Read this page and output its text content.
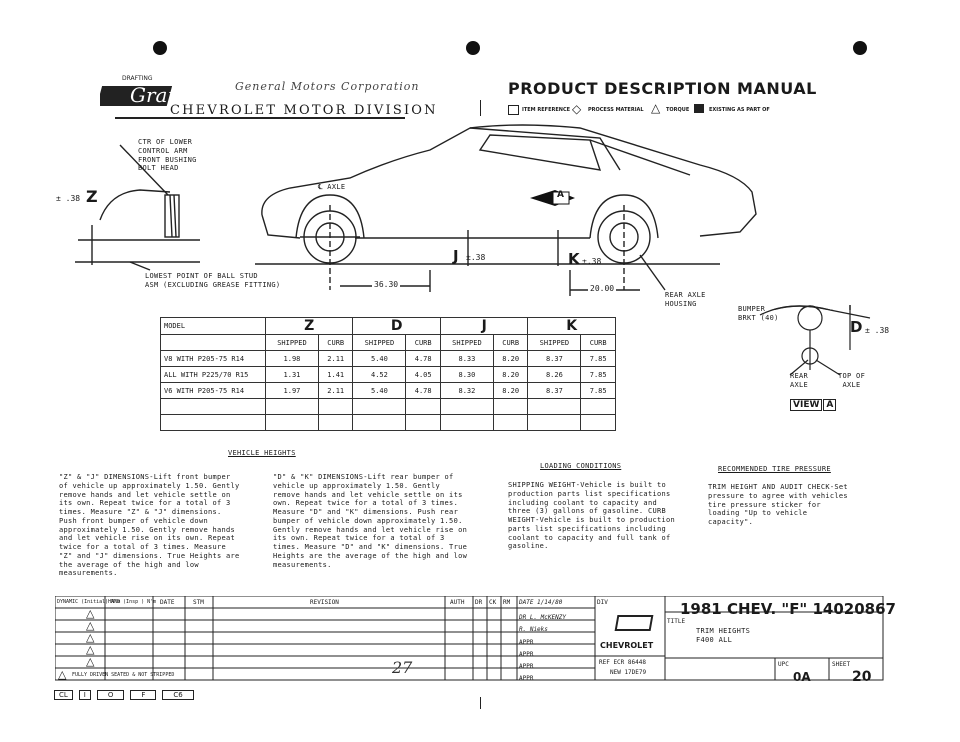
Graphic
DRAFTING
General Motors Corporation
CHEVROLET MOTOR DIVISION
PRODUCT DESCRIPTION MANUAL
ITEM REFERENCE ◇ PROCESS MATERIAL △ TORQUE	EXISTING AS PART OF
CTR OF LOWER
CONTROL ARM
FRONT BUSHING
BOLT HEAD
± .38 Z	℄ AXLE
A
J ±.38	K ±.38
LOWEST POINT OF BALL STUD
ASM (EXCLUDING GREASE FITTING)	36.30	20.00
REAR AXLE
HOUSING
BUMPER
BRKT (40)
D ± .38
REAR
AXLE
TOP OF
AXLE
VIEW A
MODEL	Z		D		J		K	
	SHIPPED	CURB	SHIPPED	CURB	SHIPPED	CURB	SHIPPED	CURB
V8 WITH P205-75 R14	1.98	2.11	5.40	4.78	8.33	8.20	8.37	7.85
ALL WITH P225/70 R15	1.31	1.41	4.52	4.05	8.30	8.20	8.26	7.85
V6 WITH P205-75 R14	1.97	2.11	5.40	4.78	8.32	8.20	8.37	7.85

VEHICLE HEIGHTS
"Z" & "J" DIMENSIONS-Lift front bumper of vehicle up approximately 1.50. Gently remove hands and let vehicle settle on its own. Repeat twice for a total of 3 times. Measure "Z" & "J" dimensions. Push front bumper of vehicle down approximately 1.50. Gently remove hands and let vehicle rise on its own. Repeat twice for a total of 3 times. Measure "Z" and "J" dimensions. True Heights are the average of the high and low measurements.
"D" & "K" DIMENSIONS-Lift rear bumper of vehicle up approximately 1.50. Gently remove hands and let vehicle settle on its own. Repeat twice for a total of 3 times. Measure "D" and "K" dimensions. Push rear bumper of vehicle down approximately 1.50. Gently remove hands and let vehicle rise on its own. Repeat twice for a total of 3 times. Measure "D" and "K" dimensions. True Heights are the average of the high and low measurements.
LOADING CONDITIONS
SHIPPING WEIGHT-Vehicle is built to production parts list specifications including coolant to capacity and three (3) gallons of gasoline. CURB WEIGHT-Vehicle is built to production parts list specifications including coolant to capacity and full tank of gasoline.
RECOMMENDED TIRE PRESSURE
TRIM HEIGHT AND AUDIT CHECK-Set pressure to agree with vehicles tire pressure sticker for loading "Up to vehicle capacity".
DYNAMIC (Initial) N'm
HAND (Insp ) N'm DATE	STM	REVISION	AUTH DR CK RM
△
△
△
△
△
△ FULLY DRIVEN SEATED & NOT STRIPPED	27
DATE 1/14/80
DR L. McKENZY
R. Nieks
APPR
APPR
APPR
APPR
DIV
CHEVROLET
REF ECR 86448
NEW 17DE79
1981 CHEV. "F" 14020867
TITLE
TRIM HEIGHTS
F400 ALL
UPC
0A
SHEET
20
CL	I	O	F	C6
